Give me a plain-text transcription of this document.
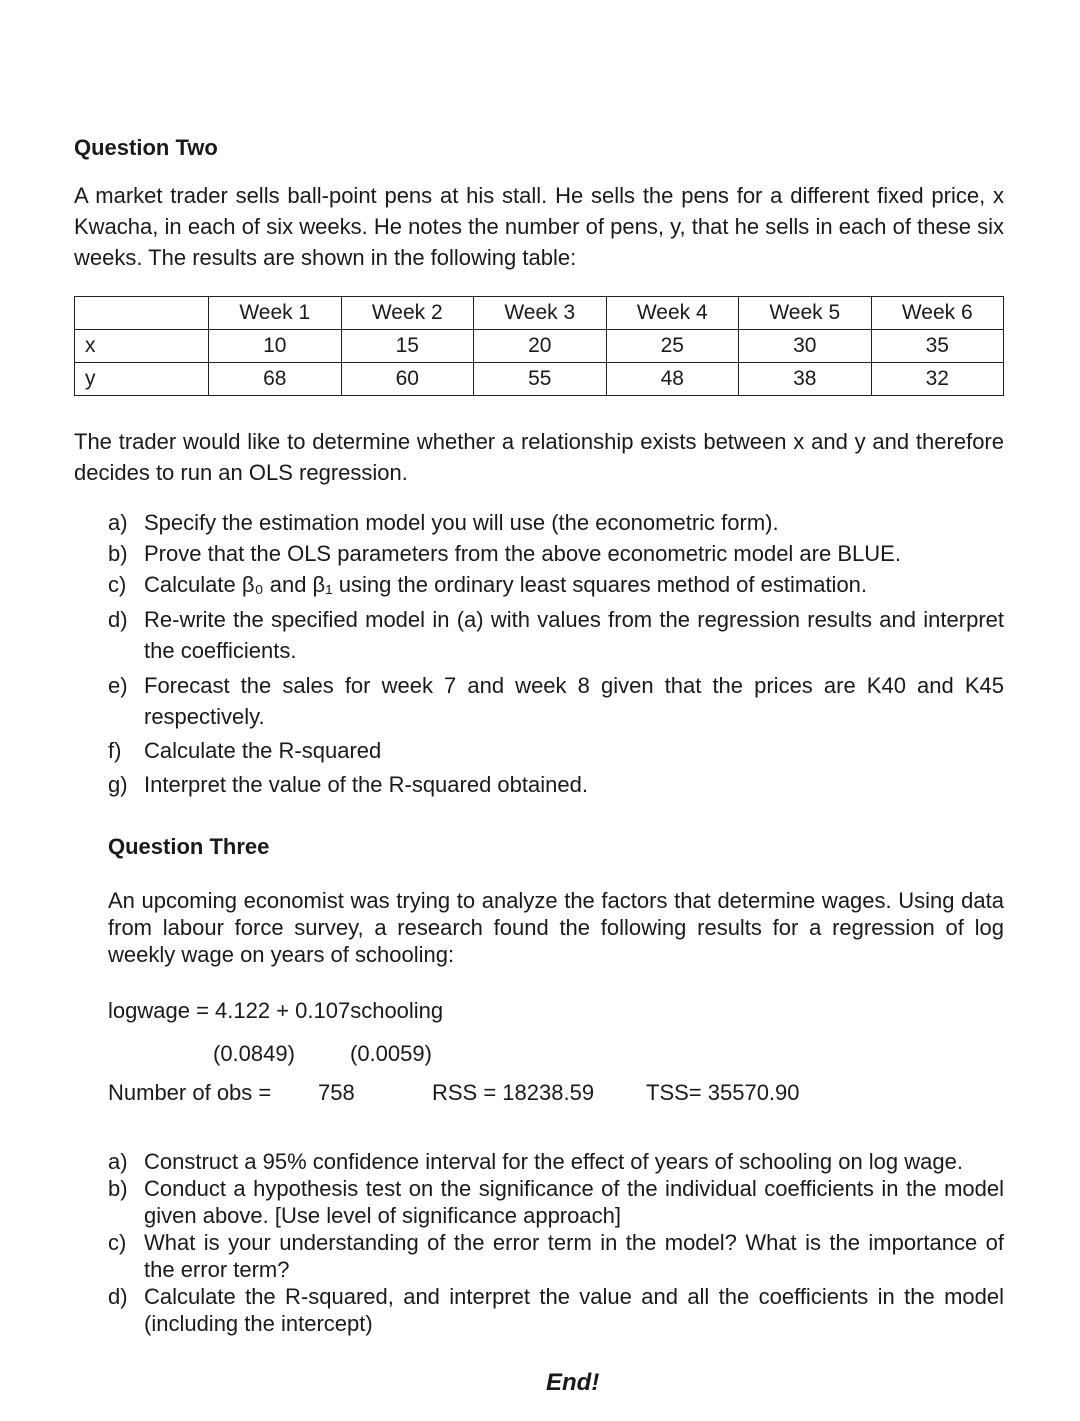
Question Two
A market trader sells ball-point pens at his stall. He sells the pens for a different fixed price, x Kwacha, in each of six weeks. He notes the number of pens, y, that he sells in each of these six weeks. The results are shown in the following table:
	Week 1	Week 2	Week 3	Week 4	Week 5	Week 6
x	10	15	20	25	30	35
y	68	60	55	48	38	32
The trader would like to determine whether a relationship exists between x and y and therefore decides to run an OLS regression.
a) Specify the estimation model you will use (the econometric form).
b) Prove that the OLS parameters from the above econometric model are BLUE.
c) Calculate β₀ and β₁ using the ordinary least squares method of estimation.
d) Re-write the specified model in (a) with values from the regression results and interpret the coefficients.
e) Forecast the sales for week 7 and week 8 given that the prices are K40 and K45 respectively.
f) Calculate the R-squared
g) Interpret the value of the R-squared obtained.
Question Three
An upcoming economist was trying to analyze the factors that determine wages. Using data from labour force survey, a research found the following results for a regression of log weekly wage on years of schooling:
logwage = 4.122 + 0.107schooling
(0.0849)	(0.0059)
Number of obs = 758	RSS = 18238.59 TSS= 35570.90
a) Construct a 95% confidence interval for the effect of years of schooling on log wage.
b) Conduct a hypothesis test on the significance of the individual coefficients in the model given above. [Use level of significance approach]
c) What is your understanding of the error term in the model? What is the importance of the error term?
d) Calculate the R-squared, and interpret the value and all the coefficients in the model (including the intercept)
End!
